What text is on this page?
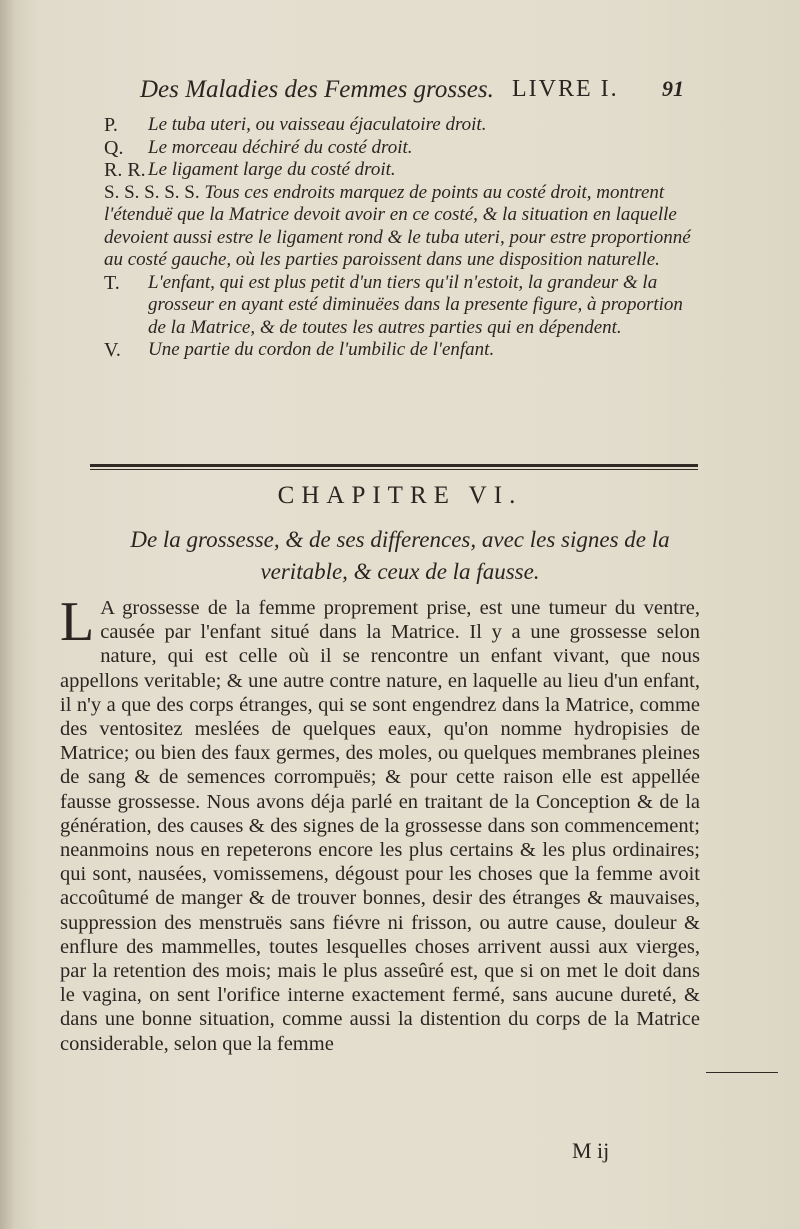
Des Maladies des Femmes grosses. LIVRE I. 91
P. Le tuba uteri, ou vaisseau éjaculatoire droit.
Q. Le morceau déchiré du costé droit.
R. R. Le ligament large du costé droit.
S. S. S. S. S. Tous ces endroits marquez de points au costé droit, montrent l'étenduë que la Matrice devoit avoir en ce costé, & la situation en laquelle devoient aussi estre le ligament rond & le tuba uteri, pour estre proportionné au costé gauche, où les parties paroissent dans une disposition naturelle.
T. L'enfant, qui est plus petit d'un tiers qu'il n'estoit, la grandeur & la grosseur en ayant esté diminuëes dans la presente figure, à proportion de la Matrice, & de toutes les autres parties qui en dépendent.
V. Une partie du cordon de l'umbilic de l'enfant.
CHAPITRE VI.
De la grossesse, & de ses differences, avec les signes de la
veritable, & ceux de la fausse.
L A grossesse de la femme proprement prise, est une tumeur du ventre, causée par l'enfant situé dans la Matrice. Il y a une grossesse selon nature, qui est celle où il se rencontre un enfant vivant, que nous appellons veritable; & une autre contre nature, en laquelle au lieu d'un enfant, il n'y a que des corps étranges, qui se sont engendrez dans la Matrice, comme des ventositez meslées de quelques eaux, qu'on nomme hydropisies de Matrice; ou bien des faux germes, des moles, ou quelques membranes pleines de sang & de semences corrompuës; & pour cette raison elle est appellée fausse grossesse. Nous avons déja parlé en traitant de la Conception & de la génération, des causes & des signes de la grossesse dans son commencement; neanmoins nous en repeterons encore les plus certains & les plus ordinaires; qui sont, nausées, vomissemens, dégoust pour les choses que la femme avoit accoûtumé de manger & de trouver bonnes, desir des étranges & mauvaises, suppression des menstruës sans fiévre ni frisson, ou autre cause, douleur & enflure des mammelles, toutes lesquelles choses arrivent aussi aux vierges, par la retention des mois; mais le plus asseûré est, que si on met le doit dans le vagina, on sent l'orifice interne exactement fermé, sans aucune dureté, & dans une bonne situation, comme aussi la distention du corps de la Matrice considerable, selon que la femme
M ij
